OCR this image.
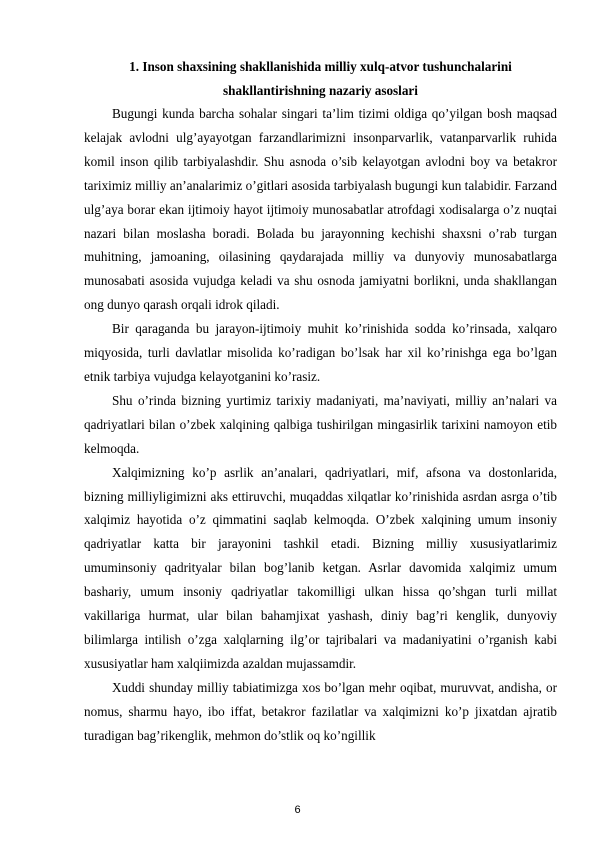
1. Inson shaxsining shakllanishida milliy xulq-atvor tushunchalarini

shakllantirishning nazariy asoslari

Bugungi kunda barcha sohalar singari ta’lim tizimi oldiga qo’yilgan bosh maqsad kelajak avlodni ulg’ayayotgan farzandlarimizni insonparvarlik, vatanparvarlik ruhida komil inson qilib tarbiyalashdir. Shu asnoda o’sib kelayotgan avlodni boy va betakror tariximiz milliy an’analarimiz o’gitlari asosida tarbiyalash bugungi kun talabidir. Farzand ulg’aya borar ekan ijtimoiy hayot ijtimoiy munosabatlar atrofdagi xodisalarga o’z nuqtai nazari bilan moslasha boradi. Bolada bu jarayonning kechishi shaxsni o’rab turgan muhitning, jamoaning, oilasining qaydarajada milliy va dunyoviy munosabatlarga munosabati asosida vujudga keladi va shu osnoda jamiyatni borlikni, unda shakllangan ong dunyo qarash orqali idrok qiladi.

Bir qaraganda bu jarayon-ijtimoiy muhit ko’rinishida sodda ko’rinsada, xalqaro miqyosida, turli davlatlar misolida ko’radigan bo’lsak har xil ko’rinishga ega bo’lgan etnik tarbiya vujudga kelayotganini ko’rasiz.

Shu o’rinda bizning yurtimiz tarixiy madaniyati, ma’naviyati, milliy an’nalari va qadriyatlari bilan o’zbek xalqining qalbiga tushirilgan mingasirlik tarixini namoyon etib kelmoqda.

Xalqimizning ko’p asrlik an’analari, qadriyatlari, mif, afsona va dostonlarida, bizning milliyligimizni aks ettiruvchi, muqaddas xilqatlar ko’rinishida asrdan asrga o’tib xalqimiz hayotida o’z qimmatini saqlab kelmoqda. O’zbek xalqining umum insoniy qadriyatlar katta bir jarayonini tashkil etadi. Bizning milliy xususiyatlarimiz umuminsoniy qadrityalar bilan bog’lanib ketgan. Asrlar davomida xalqimiz umum bashariy, umum insoniy qadriyatlar takomilligi ulkan hissa qo’shgan turli millat vakillariga hurmat, ular bilan bahamjixat yashash, diniy bag’ri kenglik, dunyoviy bilimlarga intilish o’zga xalqlarning ilg’or tajribalari va madaniyatini o’rganish kabi xususiyatlar ham xalqiimizda azaldan mujassamdir.

Xuddi shunday milliy tabiatimizga xos bo’lgan mehr oqibat, muruvvat, andisha, or nomus, sharmu hayo, ibo iffat, betakror fazilatlar va xalqimizni ko’p jixatdan ajratib turadigan bag’rikenglik, mehmon do’stlik oq ko’ngillik

6
